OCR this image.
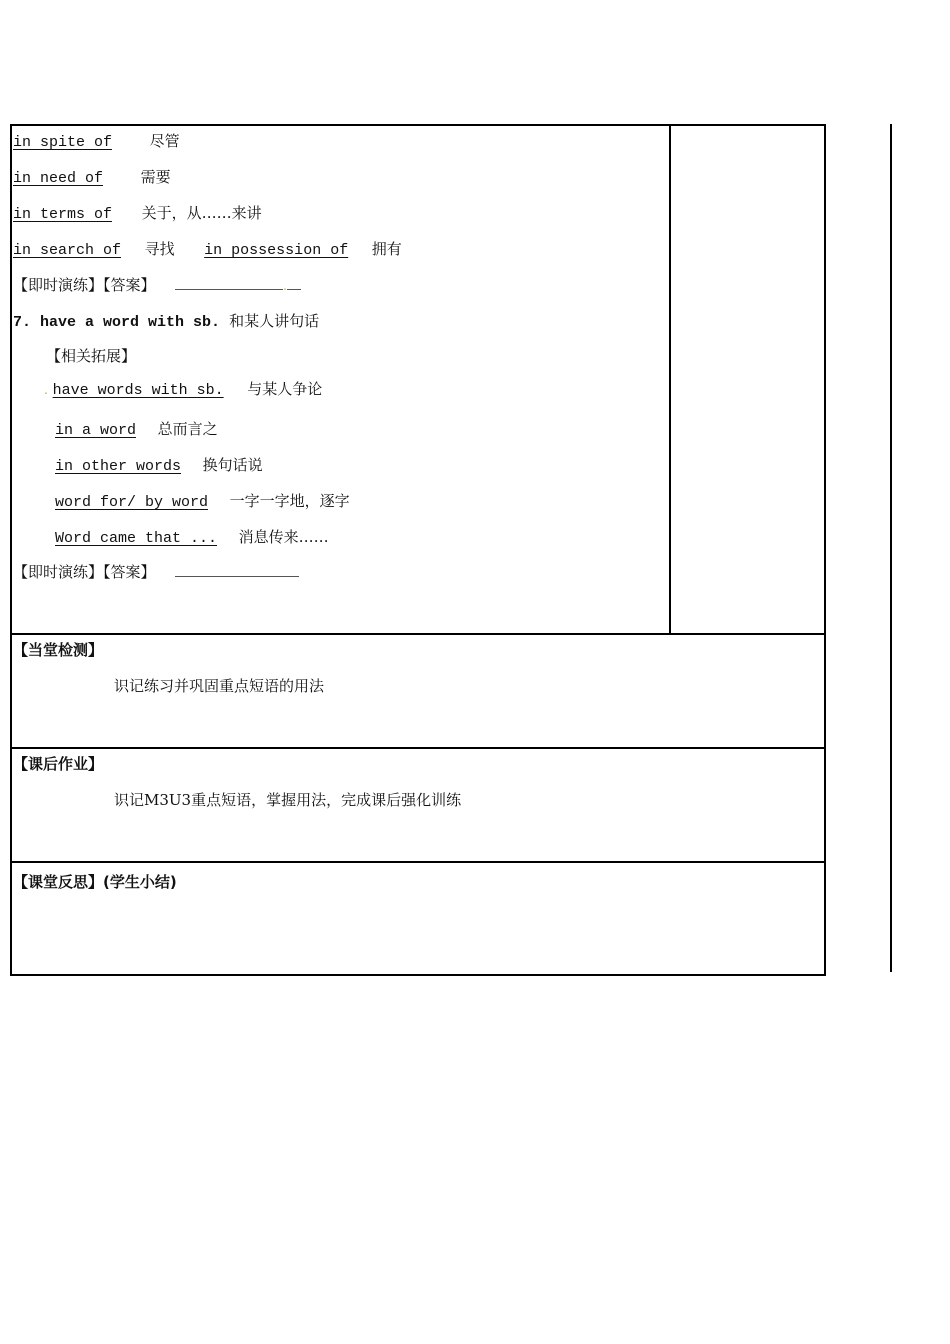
in spite of	尽管
in need of	需要
in terms of 关于，从……来讲
in search of 寻找 in possession of 拥有
【即时演练】【答案】	.
7. have a word with sb. 和某人讲句话
【相关拓展】
. have words with sb. 与某人争论
in a word 总而言之
in other words 换句话说
word for/ by word 一字一字地，逐字
Word came that ... 消息传来……
【即时演练】【答案】
【当堂检测】
识记练习并巩固重点短语的用法
【课后作业】
识记M3U3重点短语，掌握用法，完成课后强化训练
【课堂反思】(学生小结)
